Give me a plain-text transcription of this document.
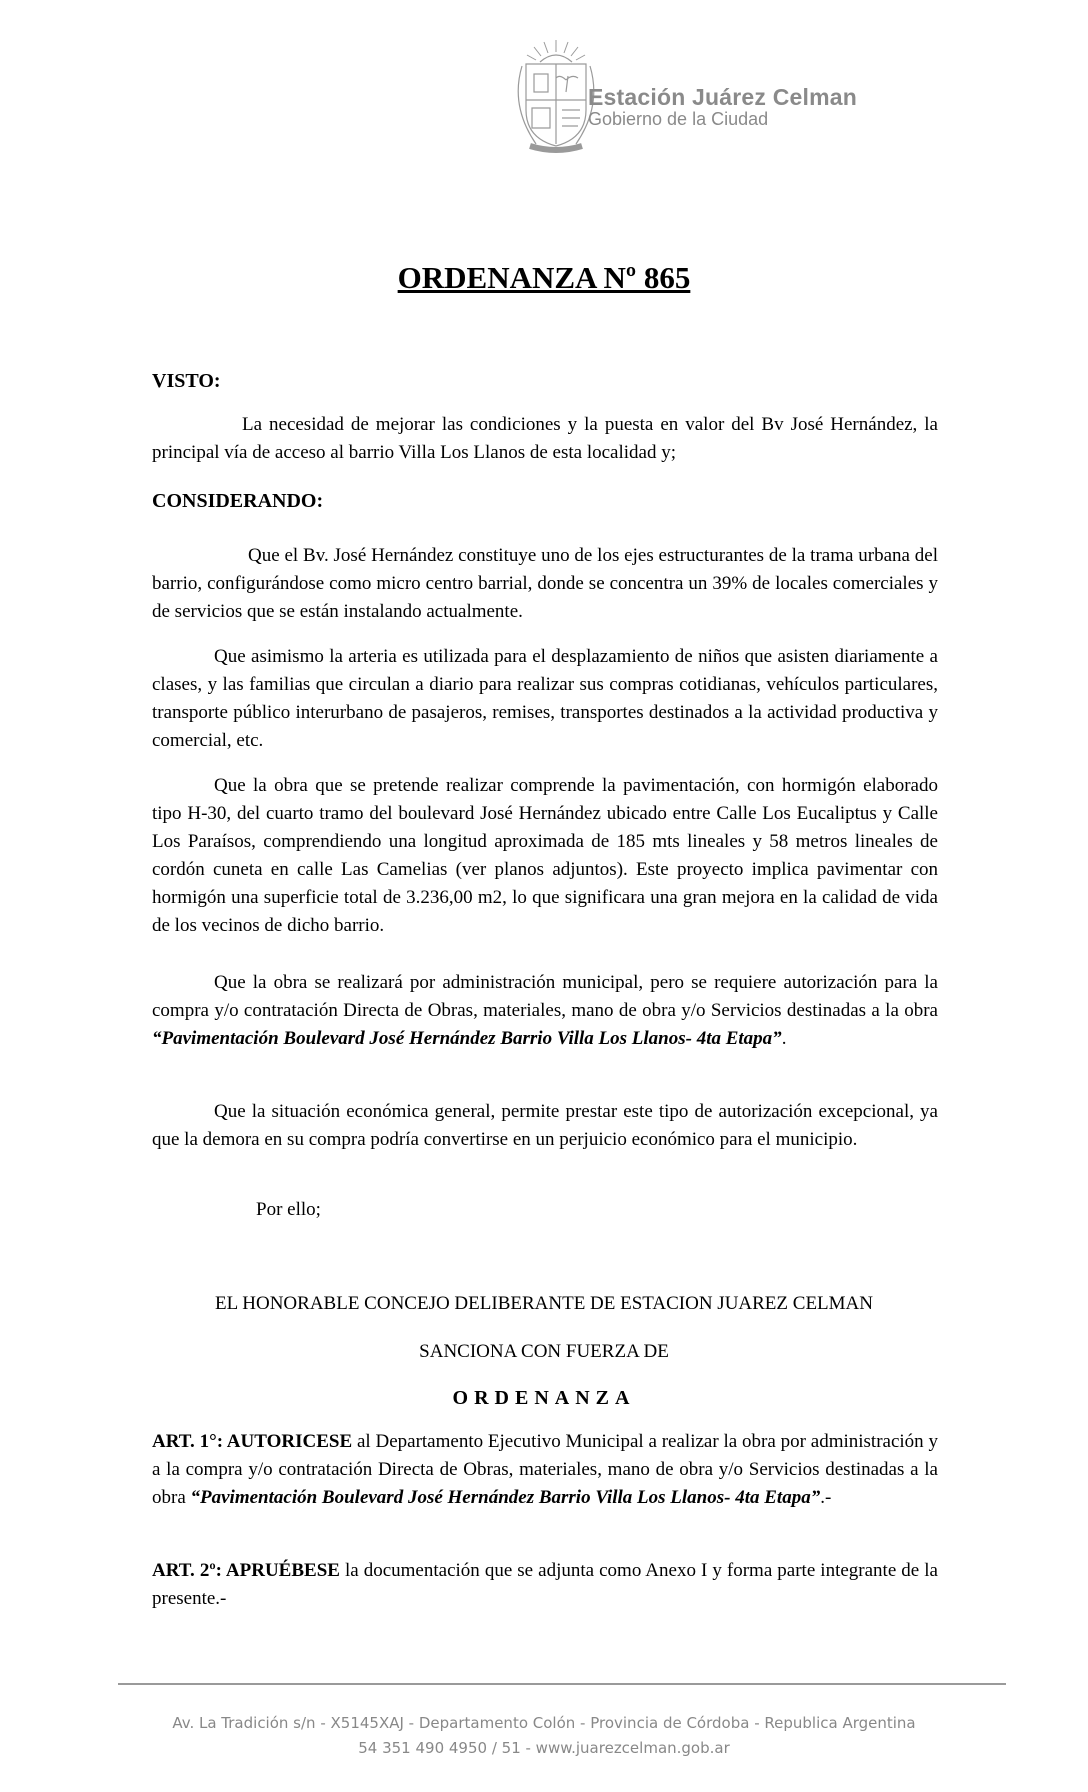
Estación Juárez Celman
Gobierno de la Ciudad
ORDENANZA Nº 865
VISTO:
La necesidad de mejorar las condiciones y la puesta en valor del Bv José Hernández, la principal vía de acceso al barrio Villa Los Llanos de esta localidad y;
CONSIDERANDO:
Que el Bv. José Hernández constituye uno de los ejes estructurantes de la trama urbana del barrio, configurándose como micro centro barrial, donde se concentra un 39% de locales comerciales y de servicios que se están instalando actualmente.
Que asimismo la arteria es utilizada para el desplazamiento de niños que asisten diariamente a clases, y las familias que circulan a diario para realizar sus compras cotidianas, vehículos particulares, transporte público interurbano de pasajeros, remises, transportes destinados a la actividad productiva y comercial, etc.
Que la obra que se pretende realizar comprende la pavimentación, con hormigón elaborado tipo H-30, del cuarto tramo del boulevard José Hernández ubicado entre Calle Los Eucaliptus y Calle Los Paraísos, comprendiendo una longitud aproximada de 185 mts lineales y 58 metros lineales de cordón cuneta en calle Las Camelias (ver planos adjuntos). Este proyecto implica pavimentar con hormigón una superficie total de 3.236,00 m2, lo que significara una gran mejora en la calidad de vida de los vecinos de dicho barrio.
Que la obra se realizará por administración municipal, pero se requiere autorización para la compra y/o contratación Directa de Obras, materiales, mano de obra y/o Servicios destinadas a la obra “Pavimentación Boulevard José Hernández Barrio Villa Los Llanos- 4ta Etapa”.
Que la situación económica general, permite prestar este tipo de autorización excepcional, ya que la demora en su compra podría convertirse en un perjuicio económico para el municipio.
Por ello;
EL HONORABLE CONCEJO DELIBERANTE DE ESTACION JUAREZ CELMAN
SANCIONA CON FUERZA DE
ORDENANZA
ART. 1°: AUTORICESE al Departamento Ejecutivo Municipal a realizar la obra por administración y a la compra y/o contratación Directa de Obras, materiales, mano de obra y/o Servicios destinadas a la obra “Pavimentación Boulevard José Hernández Barrio Villa Los Llanos- 4ta Etapa”.-
ART. 2º: APRUÉBESE la documentación que se adjunta como Anexo I y forma parte integrante de la presente.-
Av. La Tradición s/n - X5145XAJ - Departamento Colón - Provincia de Córdoba - Republica Argentina
54 351 490 4950 / 51 - www.juarezcelman.gob.ar
